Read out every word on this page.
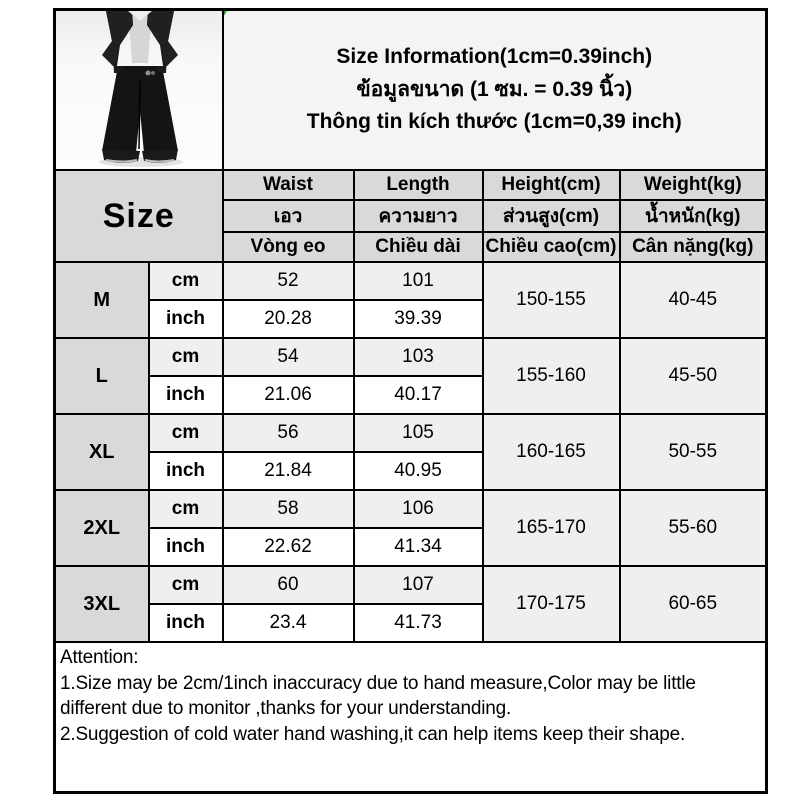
Size Information(1cm=0.39inch)
ข้อมูลขนาด (1 ซม. = 0.39 นิ้ว)
Thông tin kích thước (1cm=0,39 inch)			

Size		Waist	Length	Height(cm)	Weight(kg)
		เอว	ความยาว	ส่วนสูง(cm)	น้ำหนัก(kg)
		Vòng eo	Chiều dài	Chiều cao(cm)	Cân nặng(kg)
M	cm	52	101	150-155	40-45
	inch	20.28	39.39		
L	cm	54	103	155-160	45-50
	inch	21.06	40.17		
XL	cm	56	105	160-165	50-55
	inch	21.84	40.95		
2XL	cm	58	106	165-170	55-60
	inch	22.62	41.34		
3XL	cm	60	107	170-175	60-65
	inch	23.4	41.73		

Attention:
1.Size may be 2cm/1inch inaccuracy due to hand measure,Color may be little different due to monitor ,thanks for your understanding.
2.Suggestion of cold water hand washing,it can help items keep their shape.					
